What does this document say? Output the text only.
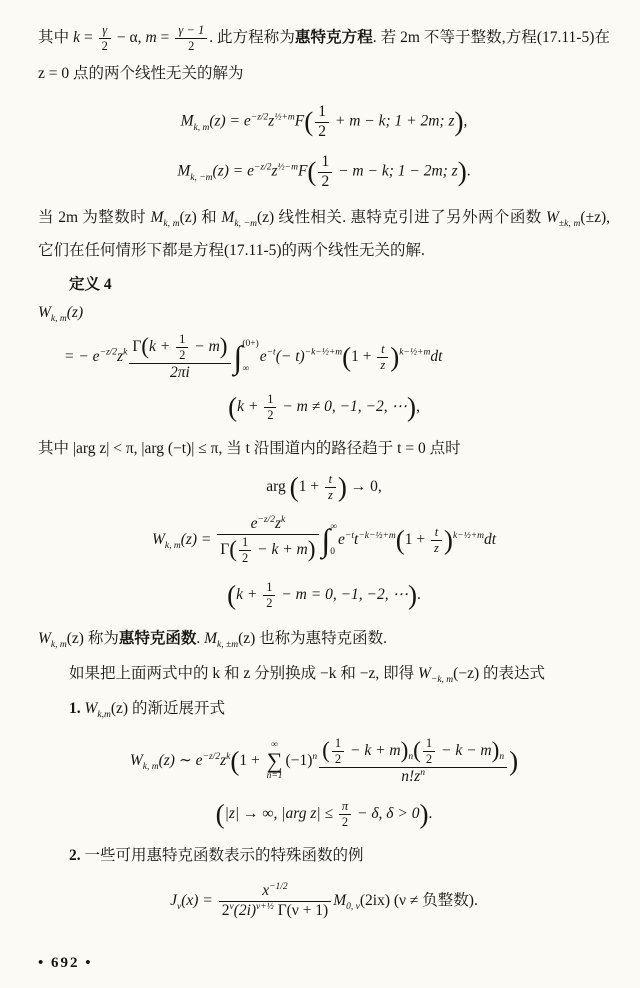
其中 $k = \frac{\gamma}{2} - \alpha$, $m = \frac{\gamma - 1}{2}$ . 此方程称为惠特克方程. 若 2m 不等于整数,方程(17.11-5)在 z = 0 点的两个线性无关的解为

$M_{k, m}(z) = e^{-z/2}z^{\frac{1}{2}+m}F( \frac{1}{2} + m - k$; 1 + 2m; z),
$M_{k, -m}(z) = e^{-z/2}z^{\frac{1}{2}-m}F( \frac{1}{2} - m - k$; 1 − 2m; z).

当 2m 为整数时 $M_{k, m}(z)$ 和 $M_{k, -m}(z)$ 线性相关. 惠特克引进了另外两个函数 $W_{\pm k, m}(\pm z)$, 它们在任何情形下都是方程(17.11-5)的两个线性无关的解.

定义 4

$W_{k, m}(z)$
= − $e^{-z/2}z^k \frac{\Gamma(k + \frac{1}{2} - m)}{2\pi i}$ ∫ (0+)
∞
$e^{-t}(- t)^{-k-\frac{1}{2}+m}(1 + \frac{t}{z} )^{k-\frac{1}{2}+m}dt$
($k + \frac{1}{2} - m \ne 0$, −1, −2, ⋯),

其中 |arg z| < π, |arg (−t)| ≤ π, 当 t 沿围道内的路径趋于 t = 0 点时

arg ($1 + \frac{t}{z}$ ) → 0,
$W_{k, m}(z) = \frac{e^{-z/2}z^k}{\Gamma( \frac{1}{2} - k + m)}$ ∫ ∞
0
$e^{-t}t^{-k-\frac{1}{2}+m}(1 + \frac{t}{z} )^{k-\frac{1}{2}+m}dt$
($k + \frac{1}{2} - m = 0$, −1, −2, ⋯).

$W_{k, m}(z)$ 称为惠特克函数. $M_{k, \pm m}(z)$ 也称为惠特克函数.

如果把上面两式中的 k 和 z 分别换成 −k 和 −z, 即得 $W_{-k, m}(-z)$ 的表达式

1. $W_{k,m}(z)$ 的渐近展开式

$W_{k, m}(z)$ ∼ $e^{-z/2}z^k(1$ +
∞
∑
n=1
$(-1)^n \frac{( \frac{1}{2} - k + m)_n( \frac{1}{2} - k - m)_n}{n!z^n}$ )
(|z| → ∞, |arg $z| \le \frac{\pi}{2} - \delta$, δ > 0).

2. 一些可用惠特克函数表示的特殊函数的例

$J_\nu(x) = \frac{x^{-1/2}}{2^\nu(2i)^{\nu+\frac{1}{2}} \Gamma(\nu + 1)} M_{0, \nu}(2ix) (\nu$ ≠ 负整数).
• 692 •
